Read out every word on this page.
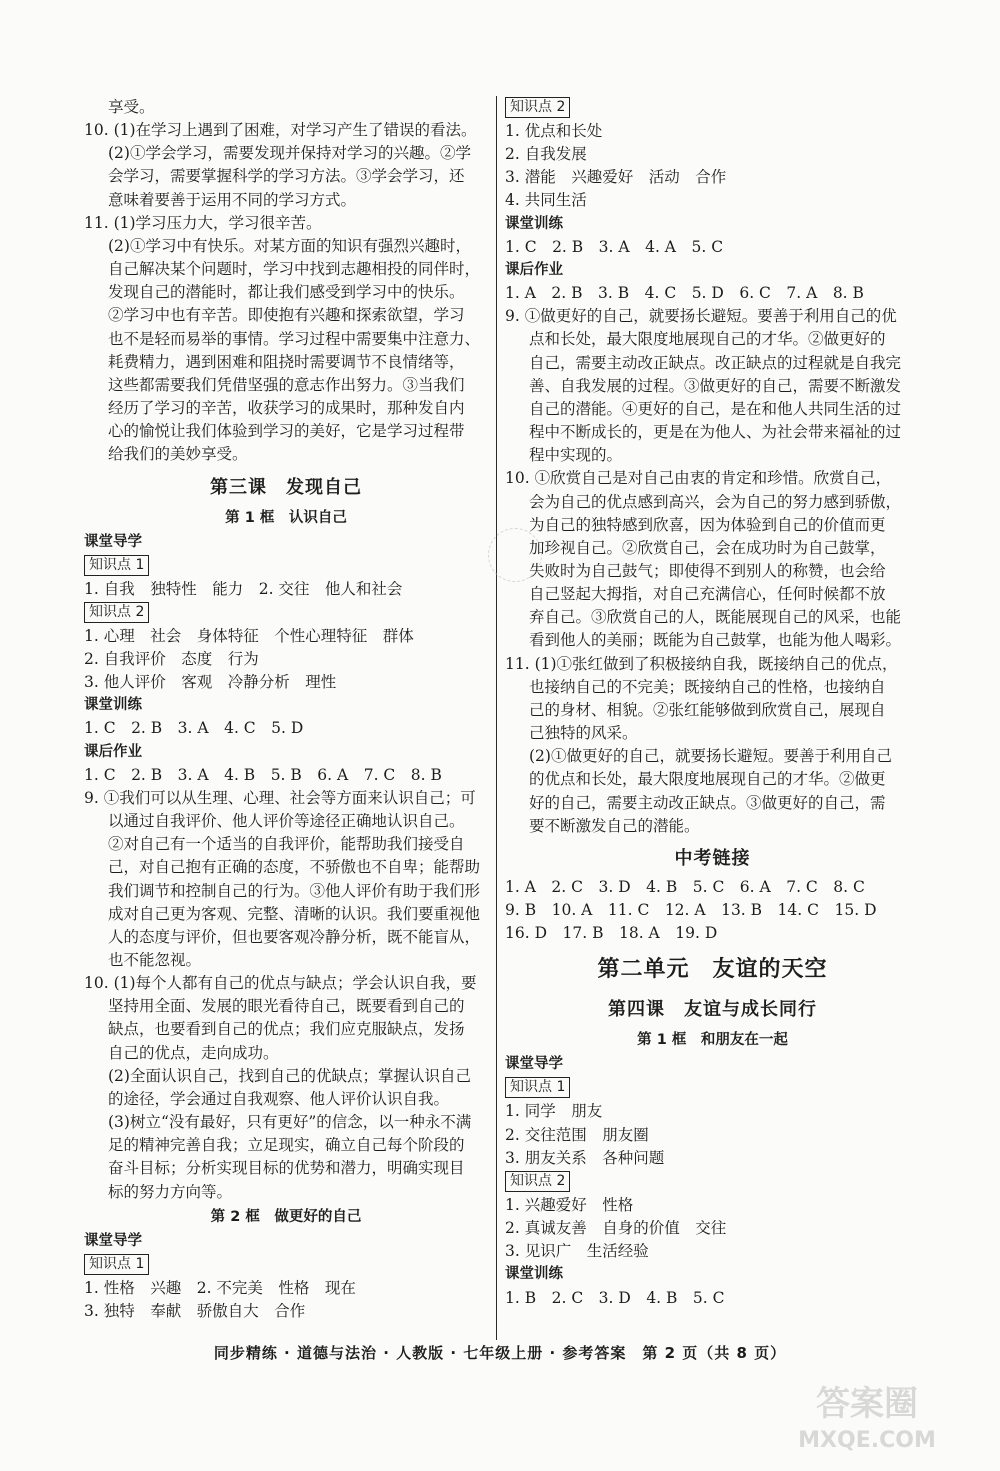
享受。
10. (1)在学习上遇到了困难，对学习产生了错误的看法。
(2)①学会学习，需要发现并保持对学习的兴趣。②学
会学习，需要掌握科学的学习方法。③学会学习，还
意味着要善于运用不同的学习方式。
11. (1)学习压力大，学习很辛苦。
(2)①学习中有快乐。对某方面的知识有强烈兴趣时，
自己解决某个问题时，学习中找到志趣相投的同伴时，
发现自己的潜能时，都让我们感受到学习中的快乐。
②学习中也有辛苦。即使抱有兴趣和探索欲望，学习
也不是轻而易举的事情。学习过程中需要集中注意力、
耗费精力，遇到困难和阻挠时需要调节不良情绪等，
这些都需要我们凭借坚强的意志作出努力。③当我们
经历了学习的辛苦，收获学习的成果时，那种发自内
心的愉悦让我们体验到学习的美好，它是学习过程带
给我们的美妙享受。
第三课　发现自己
第 1 框　认识自己
课堂导学
知识点 1
1. 自我　独特性　能力　2. 交往　他人和社会
知识点 2
1. 心理　社会　身体特征　个性心理特征　群体
2. 自我评价　态度　行为
3. 他人评价　客观　冷静分析　理性
课堂训练
1. C　2. B　3. A　4. C　5. D
课后作业
1. C　2. B　3. A　4. B　5. B　6. A　7. C　8. B
9. ①我们可以从生理、心理、社会等方面来认识自己；可
以通过自我评价、他人评价等途径正确地认识自己。
②对自己有一个适当的自我评价，能帮助我们接受自
己，对自己抱有正确的态度，不骄傲也不自卑；能帮助
我们调节和控制自己的行为。③他人评价有助于我们形
成对自己更为客观、完整、清晰的认识。我们要重视他
人的态度与评价，但也要客观冷静分析，既不能盲从，
也不能忽视。
10. (1)每个人都有自己的优点与缺点；学会认识自我，要
坚持用全面、发展的眼光看待自己，既要看到自己的
缺点，也要看到自己的优点；我们应克服缺点，发扬
自己的优点，走向成功。
(2)全面认识自己，找到自己的优缺点；掌握认识自己
的途径，学会通过自我观察、他人评价认识自我。
(3)树立“没有最好，只有更好”的信念，以一种永不满
足的精神完善自我；立足现实，确立自己每个阶段的
奋斗目标；分析实现目标的优势和潜力，明确实现目
标的努力方向等。
第 2 框　做更好的自己
课堂导学
知识点 1
1. 性格　兴趣　2. 不完美　性格　现在
3. 独特　奉献　骄傲自大　合作
知识点 2
1. 优点和长处
2. 自我发展
3. 潜能　兴趣爱好　活动　合作
4. 共同生活
课堂训练
1. C　2. B　3. A　4. A　5. C
课后作业
1. A　2. B　3. B　4. C　5. D　6. C　7. A　8. B
9. ①做更好的自己，就要扬长避短。要善于利用自己的优
点和长处，最大限度地展现自己的才华。②做更好的
自己，需要主动改正缺点。改正缺点的过程就是自我完
善、自我发展的过程。③做更好的自己，需要不断激发
自己的潜能。④更好的自己，是在和他人共同生活的过
程中不断成长的，更是在为他人、为社会带来福祉的过
程中实现的。
10. ①欣赏自己是对自己由衷的肯定和珍惜。欣赏自己，
会为自己的优点感到高兴，会为自己的努力感到骄傲，
为自己的独特感到欣喜，因为体验到自己的价值而更
加珍视自己。②欣赏自己，会在成功时为自己鼓掌，
失败时为自己鼓气；即使得不到别人的称赞，也会给
自己竖起大拇指，对自己充满信心，任何时候都不放
弃自己。③欣赏自己的人，既能展现自己的风采，也能
看到他人的美丽；既能为自己鼓掌，也能为他人喝彩。
11. (1)①张红做到了积极接纳自我，既接纳自己的优点，
也接纳自己的不完美；既接纳自己的性格，也接纳自
己的身材、相貌。②张红能够做到欣赏自己，展现自
己独特的风采。
(2)①做更好的自己，就要扬长避短。要善于利用自己
的优点和长处，最大限度地展现自己的才华。②做更
好的自己，需要主动改正缺点。③做更好的自己，需
要不断激发自己的潜能。
中考链接
1. A　2. C　3. D　4. B　5. C　6. A　7. C　8. C
9. B　10. A　11. C　12. A　13. B　14. C　15. D
16. D　17. B　18. A　19. D
第二单元　友谊的天空
第四课　友谊与成长同行
第 1 框　和朋友在一起
课堂导学
知识点 1
1. 同学　朋友
2. 交往范围　朋友圈
3. 朋友关系　各种问题
知识点 2
1. 兴趣爱好　性格
2. 真诚友善　自身的价值　交往
3. 见识广　生活经验
课堂训练
1. B　2. C　3. D　4. B　5. C
同步精练 · 道德与法治 · 人教版 · 七年级上册 · 参考答案　第 2 页（共 8 页）
答案圈
MXQE.COM
